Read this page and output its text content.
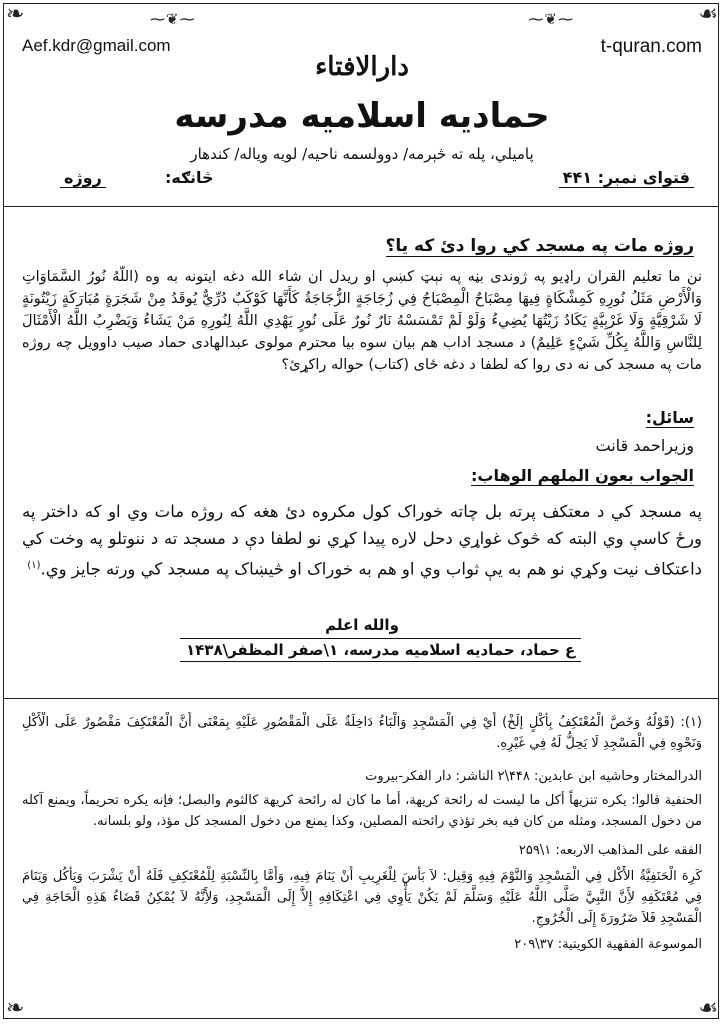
❧	☙
❧	☙
⁓❦⁓	⁓❦⁓
Aef.kdr@gmail.com	t-quran.com
دارالافتاء
حمادیه اسلامیه مدرسه
پامیلي، پله ته څېرمه/ دوولسمه ناحیه/ لویه ویاله/ کندهار
فتوای نمبر: ۴۴۱
څانګه:
روژه
روژه مات په مسجد کي روا دئ که یا؟
نن ما تعلیم القران راډیو په ژوندی بڼه په نېټ کښې او ریدل ان شاء الله دغه ایتونه به وه (اللَّهُ نُورُ السَّمَاوَاتِ وَالْأَرْضِ مَثَلُ نُورِهِ كَمِشْكَاةٍ فِيهَا مِصْبَاحٌ الْمِصْبَاحُ فِي زُجَاجَةٍ الزُّجَاجَةُ كَأَنَّهَا كَوْكَبٌ دُرِّيٌّ يُوقَدُ مِنْ شَجَرَةٍ مُبَارَكَةٍ زَيْتُونَةٍ لَا شَرْقِيَّةٍ وَلَا غَرْبِيَّةٍ يَكَادُ زَيْتُهَا يُضِيءُ وَلَوْ لَمْ تَمْسَسْهُ نَارٌ نُورٌ عَلَى نُورٍ يَهْدِي اللَّهُ لِنُورِهِ مَنْ يَشَاءُ وَيَضْرِبُ اللَّهُ الْأَمْثَالَ لِلنَّاسِ وَاللَّهُ بِكُلِّ شَيْءٍ عَلِيمٌ) د مسجد اداب هم بیان سوه بیا محترم مولوی عبدالهادی حماد صیب داوویل چه روژه مات په مسجد کی نه دی روا که لطفا د دغه ځای (کتاب) حواله راکړئ؟
سائل:
وزیراحمد قانت
الجواب بعون الملهم الوهاب:
په مسجد کي د معتکف پرته بل چاته خوراک کول مکروه دئ هغه که روژه مات وي او که داختر په ورځ کاسې وي البته که څوک غواړي دحل لاره پیدا کړي نو لطفا دې د مسجد ته د ننوتلو په وخت کي داعتکاف نیت وکړي نو هم به یې ثواب وي او هم به خوراک او څیښاک په مسجد کي ورته جایز وي.$^{(۱)}$
والله اعلم
ع حماد، حمادیه اسلامیه مدرسه، ۱\صفر المظفر\۱۴۳۸
(۱): (قَوْلُهُ وَخَصَّ الْمُعْتَكِفُ بِأَكْلٍ إلَخْ) أَيْ فِي الْمَسْجِدِ وَالْبَاءُ دَاخِلَةٌ عَلَى الْمَقْصُورِ عَلَيْهِ بِمَعْنَى أَنَّ الْمُعْتَكِفَ مَقْصُورٌ عَلَى الْأَكْلِ وَنَحْوِهِ فِي الْمَسْجِدِ لَا يَحِلُّ لَهُ فِي غَيْرِهِ.
الدرالمختار وحاشيه ابن عابدين: ۴۴۸\۲ الناشر: دار الفكر-بيروت
الحنفية قالوا: يكره تنزيهاً أكل ما ليست له رائحة كريهة، أما ما كان له رائحة كريهة كالثوم والبصل؛ فإنه يكره تحريماً، ويمنع آكله من دخول المسجد، ومثله من كان فيه بخر تؤذي رائحته المصلين، وكذا يمنع من دخول المسجد كل مؤذ، ولو بلسانه.
الفقه على المذاهب الاربعه: ۱\۲۵۹
كَرِهَ الْحَنَفِيَّةُ الأَْكْل فِي الْمَسْجِدِ وَالنَّوْمَ فِيهِ وَقِيل: لاَ بَأْسَ لِلْغَرِيبِ أَنْ يَنَامَ فِيهِ، وَأَمَّا بِالنِّسْبَةِ لِلْمُعْتَكِفِ فَلَهُ أَنْ يَشْرَبَ وَيَأْكُل وَيَنَامَ فِي مُعْتَكَفِهِ لأَِنَّ النَّبِيَّ صَلَّى اللَّهُ عَلَيْهِ وَسَلَّمَ لَمْ يَكُنْ يَأْوِي فِي اعْتِكَافِهِ إِلاَّ إِلَى الْمَسْجِدِ، وَلأَِنَّهُ لاَ يُمْكِنُ قَضَاءُ هَذِهِ الْحَاجَةِ فِي الْمَسْجِدِ فَلاَ ضَرُورَةَ إِلَى الْخُرُوجِ.
الموسوعة الفقهية الكويتية: ۳۷\۲۰۹
